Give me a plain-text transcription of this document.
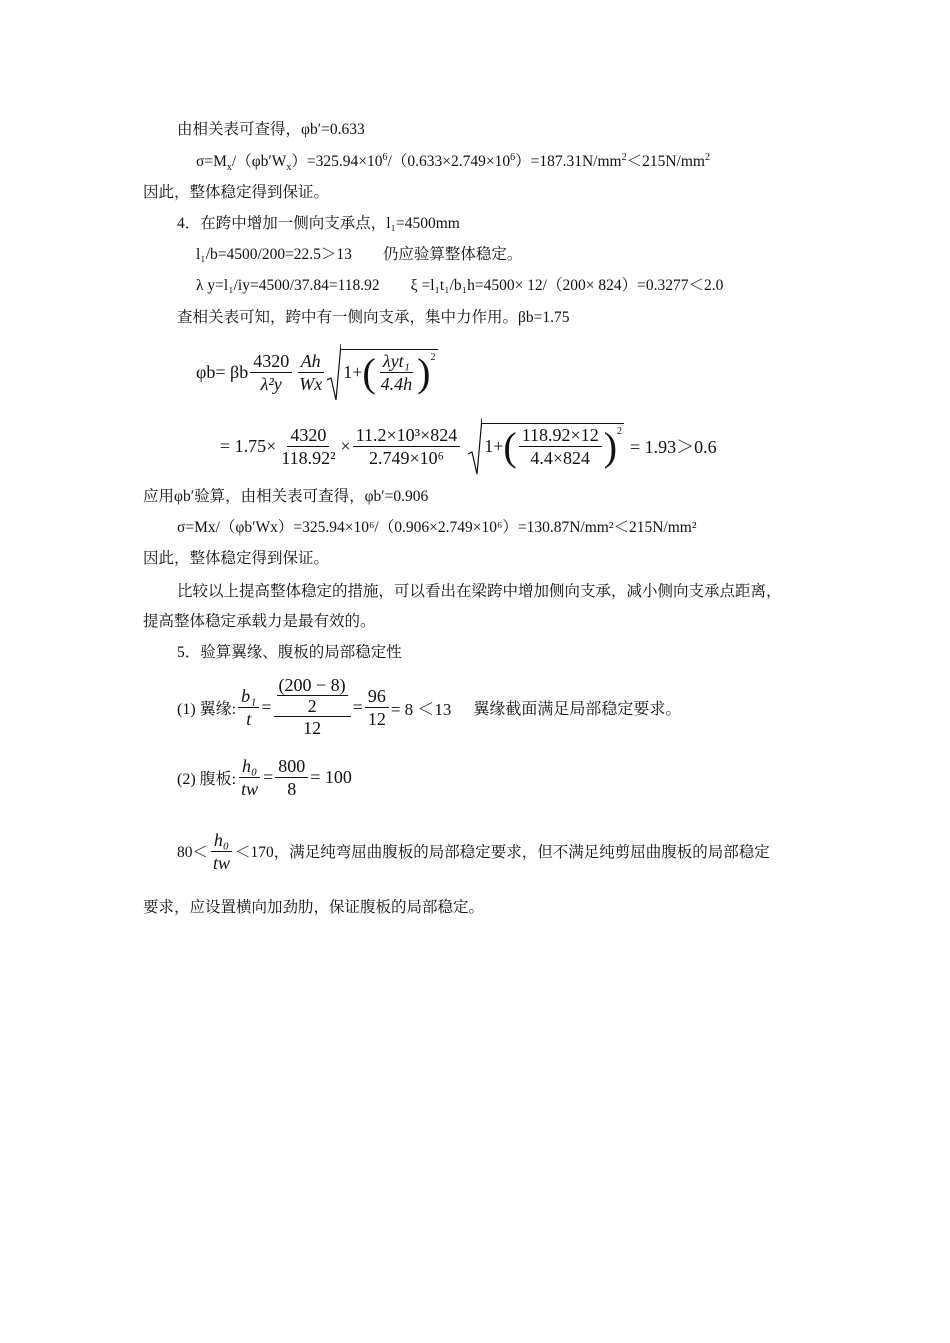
由相关表可查得，φb′=0.633
$\sigma=M_x/(\varphi b'W_x)=325.94\times 10^6/(0.633\times 2.749\times 10^6)=187.31N/mm^2<215N/mm^2$
因此，整体稳定得到保证。
4．在跨中增加一侧向支承点，l₁=4500mm
l₁/b=4500/200=22.5＞13　　仍应验算整体稳定。
λ y=l₁/iy=4500/37.84=118.92　　ξ =l₁t₁/b₁h=4500× 12/（200× 824）=0.3277＜2.0
查相关表可知，跨中有一侧向支承，集中力作用。βb=1.75
φb= βb $\frac{4320}{\text{λ²y}} \frac{Ah}{Wx} 1+$ ( $\frac{\text{λyt₁}}{4.4h}$ ) 2
= $1.75\times \frac{4320}{\text{118.92²}} \times \frac{\text{11.2×10³×824}}{\text{2.749×10⁶}} 1+$ ( $\frac{118.92\times 12}{4.4\times 824}$ ) 2
= 1.93＞0.6
应用φb′验算，由相关表可查得，φb′=0.906
σ=Mx/（φb′Wx）=325.94×10⁶/（0.906×2.749×10⁶）=130.87N/mm²＜215N/mm²
因此，整体稳定得到保证。
比较以上提高整体稳定的措施，可以看出在梁跨中增加侧向支承，减小侧向支承点距离，
提高整体稳定承载力是最有效的。
5．验算翼缘、腹板的局部稳定性
(1) 翼缘: $\frac{\text{b₁}}{t} = (200 - 8)$
2
$12 = \frac{96}{12} = 8 <13$ 翼缘截面满足局部稳定要求。
(2) 腹板: $\frac{\text{h₀}}{tw} = \frac{800}{8} = 100$
$80< \frac{\text{h₀}}{tw} <170$，满足纯弯屈曲腹板的局部稳定要求，但不满足纯剪屈曲腹板的局部稳定
要求，应设置横向加劲肋，保证腹板的局部稳定。
